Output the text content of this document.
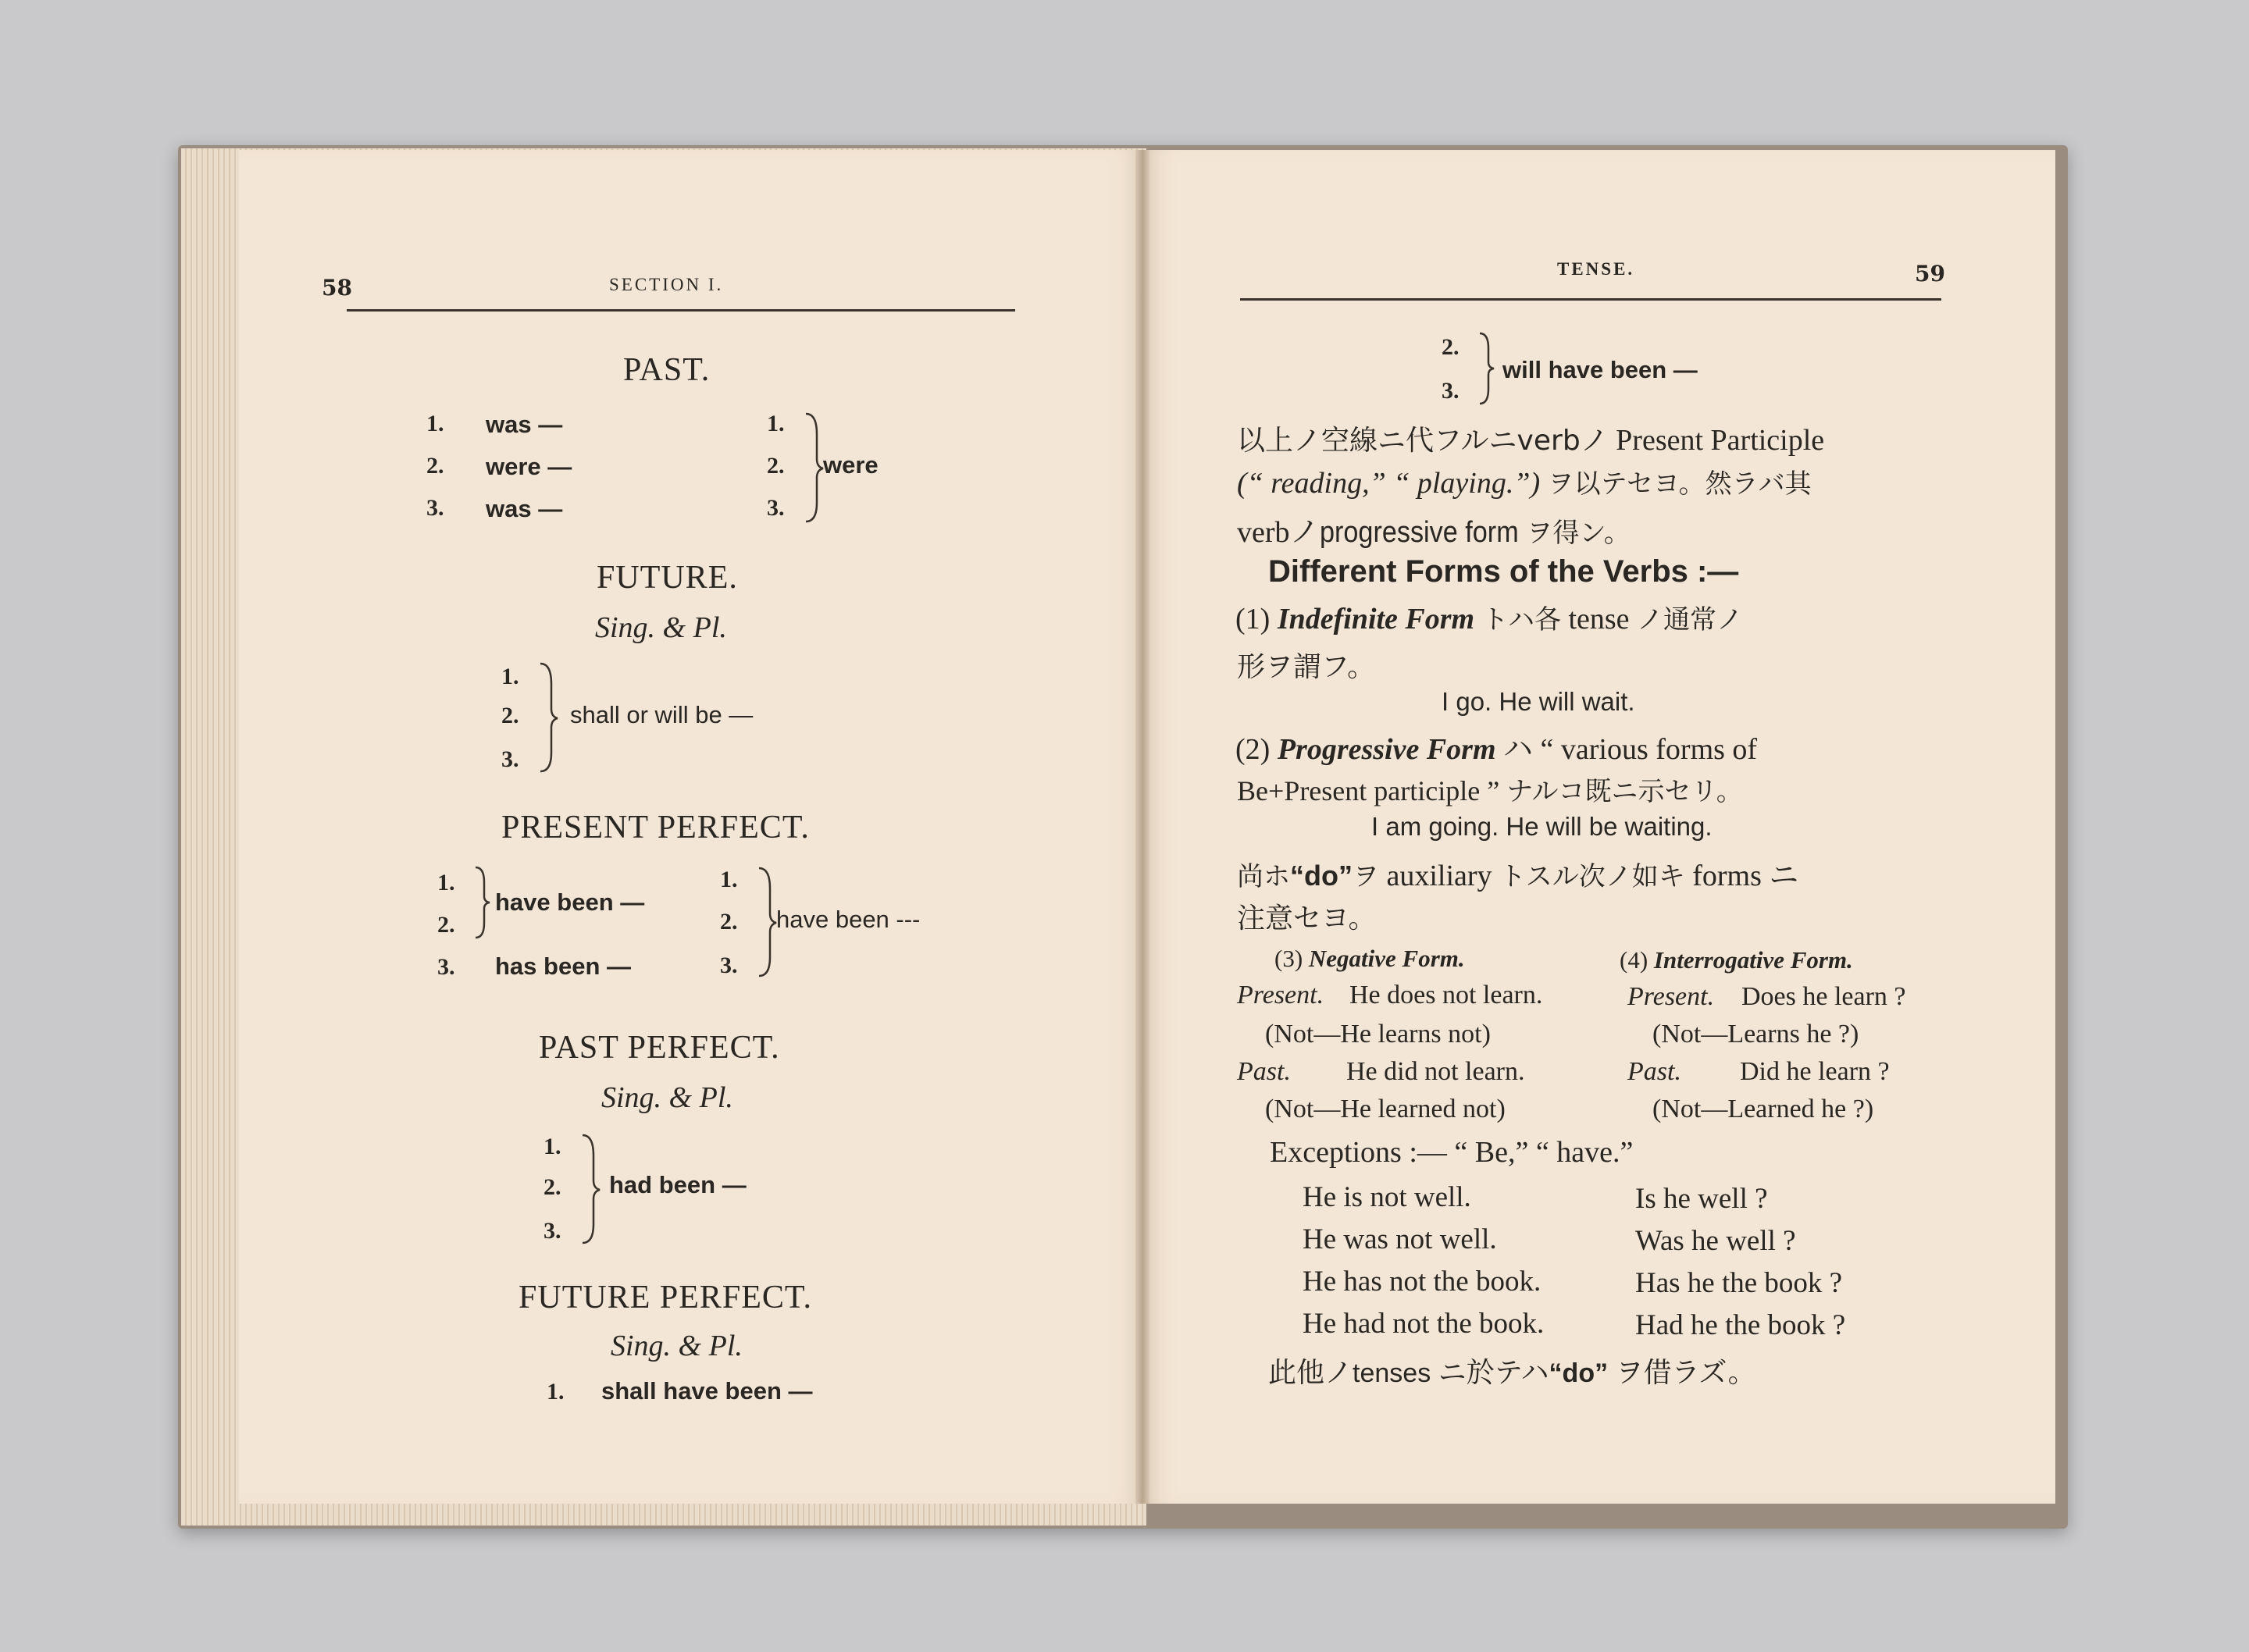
58	SECTION I.
PAST.
1. was —
2. were —
3. was —
1.
2.
3.
were
FUTURE.
Sing. & Pl.
1.
2.
3.
shall or will be —
PRESENT PERFECT.
1.
2.
have been —
3. has been —
1.
2.
3.
have been ---
PAST PERFECT.
Sing. & Pl.
1.
2.
3.
had been —
FUTURE PERFECT.
Sing. & Pl.
1. shall have been —
TENSE.	59
2.
3.
will have been —
以上ノ空線ニ代フルニverbノ Present Participle
(“ reading,” “ playing.”) ヲ以テセヨ。然ラバ其
verbノprogressive form ヲ得ン。
Different Forms of the Verbs :—
(1) Indefinite Form トハ各 tense ノ通常ノ
形ヲ謂フ。
I go. He will wait.
(2) Progressive Form ハ “ various forms of
Be+Present participle ” ナルコ既ニ示セリ。
I am going. He will be waiting.
尚ホ“do”ヲ auxiliary トスル次ノ如キ forms ニ
注意セヨ。
(3) Negative Form.	(4) Interrogative Form.
Present. He does not learn.	Present. Does he learn ?
(Not—He learns not)	(Not—Learns he ?)
Past. He did not learn.	Past. Did he learn ?
(Not—He learned not)	(Not—Learned he ?)
Exceptions :— “ Be,” “ have.”
He is not well.	Is he well ?
He was not well.	Was he well ?
He has not the book.	Has he the book ?
He had not the book.	Had he the book ?
此他ノtenses ニ於テハ“do” ヲ借ラズ。
